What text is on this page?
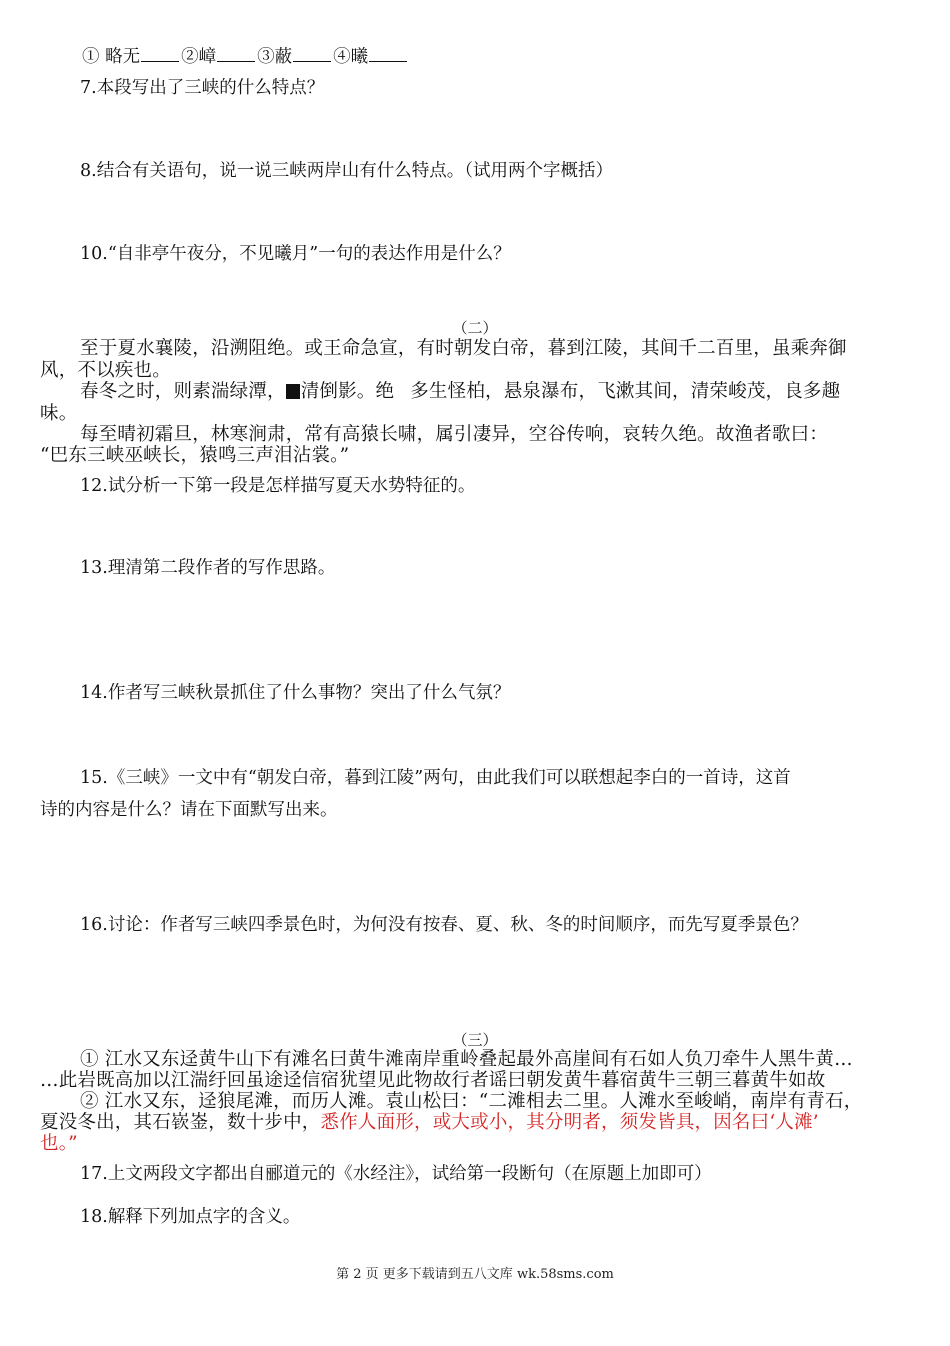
① 略无 ②嶂 ③蔽 ④曦
7.本段写出了三峡的什么特点？
8.结合有关语句，说一说三峡两岸山有什么特点。（试用两个字概括）
10.“自非亭午夜分，不见曦月”一句的表达作用是什么？
（二）
至于夏水襄陵，沿溯阻绝。或王命急宣，有时朝发白帝，暮到江陵，其间千二百里，虽乘奔御
风，不以疾也。
春冬之时，则素湍绿潭， 清倒影。绝 多生怪柏，悬泉瀑布，飞漱其间，清荣峻茂，良多趣
味。
每至晴初霜旦，林寒涧肃，常有高猿长啸，属引凄异，空谷传响，哀转久绝。故渔者歌曰：
“巴东三峡巫峡长，猿鸣三声泪沾裳。”
12.试分析一下第一段是怎样描写夏天水势特征的。
13.理清第二段作者的写作思路。
14.作者写三峡秋景抓住了什么事物？突出了什么气氛？
15.《三峡》一文中有“朝发白帝，暮到江陵”两句，由此我们可以联想起李白的一首诗，这首
诗的内容是什么？请在下面默写出来。
16.讨论：作者写三峡四季景色时，为何没有按春、夏、秋、冬的时间顺序，而先写夏季景色？
（三）
① 江水又东迳黄牛山下有滩名曰黄牛滩南岸重岭叠起最外高崖间有石如人负刀牵牛人黑牛黄…
…此岩既高加以江湍纡回虽途迳信宿犹望见此物故行者谣曰朝发黄牛暮宿黄牛三朝三暮黄牛如故
② 江水又东，迳狼尾滩，而历人滩。袁山松曰：“二滩相去二里。人滩水至峻峭，南岸有青石，
夏没冬出，其石嵚崟，数十步中，悉作人面形，或大或小，其分明者，须发皆具，因名曰‘人滩’
也。”
17.上文两段文字都出自郦道元的《水经注》，试给第一段断句（在原题上加即可）
18.解释下列加点字的含义。
第 2 页 更多下载请到五八文库 wk.58sms.com
